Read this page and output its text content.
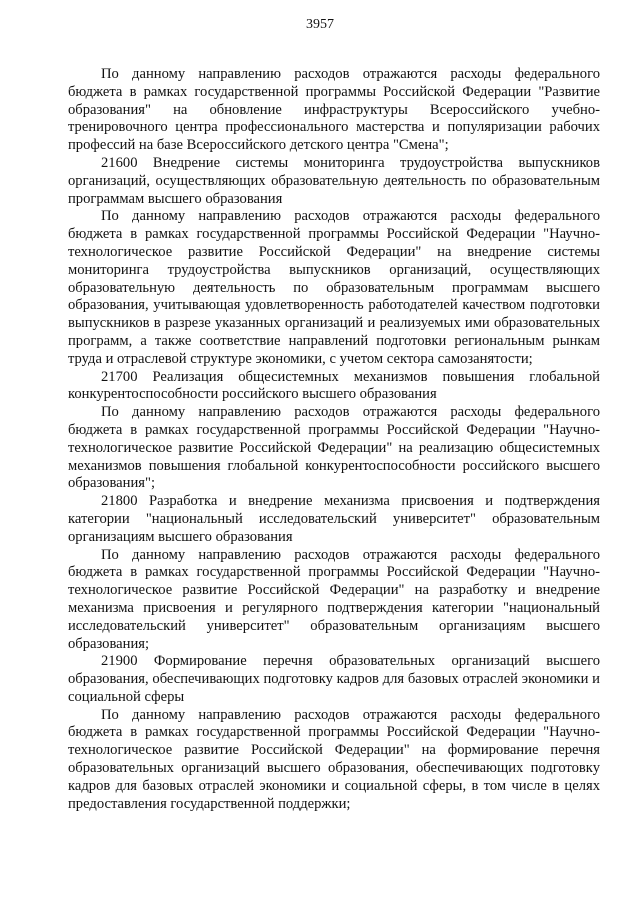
3957

По данному направлению расходов отражаются расходы федерального бюджета в рамках государственной программы Российской Федерации "Развитие образования" на обновление инфраструктуры Всероссийского учебно-тренировочного центра профессионального мастерства и популяризации рабочих профессий на базе Всероссийского детского центра "Смена";

21600 Внедрение системы мониторинга трудоустройства выпускников организаций, осуществляющих образовательную деятельность по образовательным программам высшего образования

По данному направлению расходов отражаются расходы федерального бюджета в рамках государственной программы Российской Федерации "Научно-технологическое развитие Российской Федерации" на внедрение системы мониторинга трудоустройства выпускников организаций, осуществляющих образовательную деятельность по образовательным программам высшего образования, учитывающая удовлетворенность работодателей качеством подготовки выпускников в разрезе указанных организаций и реализуемых ими образовательных программ, а также соответствие направлений подготовки региональным рынкам труда и отраслевой структуре экономики, с учетом сектора самозанятости;

21700 Реализация общесистемных механизмов повышения глобальной конкурентоспособности российского высшего образования

По данному направлению расходов отражаются расходы федерального бюджета в рамках государственной программы Российской Федерации "Научно-технологическое развитие Российской Федерации" на реализацию общесистемных механизмов повышения глобальной конкурентоспособности российского высшего образования";

21800 Разработка и внедрение механизма присвоения и подтверждения категории "национальный исследовательский университет" образовательным организациям высшего образования

По данному направлению расходов отражаются расходы федерального бюджета в рамках государственной программы Российской Федерации "Научно-технологическое развитие Российской Федерации" на разработку и внедрение механизма присвоения и регулярного подтверждения категории "национальный исследовательский университет" образовательным организациям высшего образования;

21900 Формирование перечня образовательных организаций высшего образования, обеспечивающих подготовку кадров для базовых отраслей экономики и социальной сферы

По данному направлению расходов отражаются расходы федерального бюджета в рамках государственной программы Российской Федерации "Научно-технологическое развитие Российской Федерации" на формирование перечня образовательных организаций высшего образования, обеспечивающих подготовку кадров для базовых отраслей экономики и социальной сферы, в том числе в целях предоставления государственной поддержки;
